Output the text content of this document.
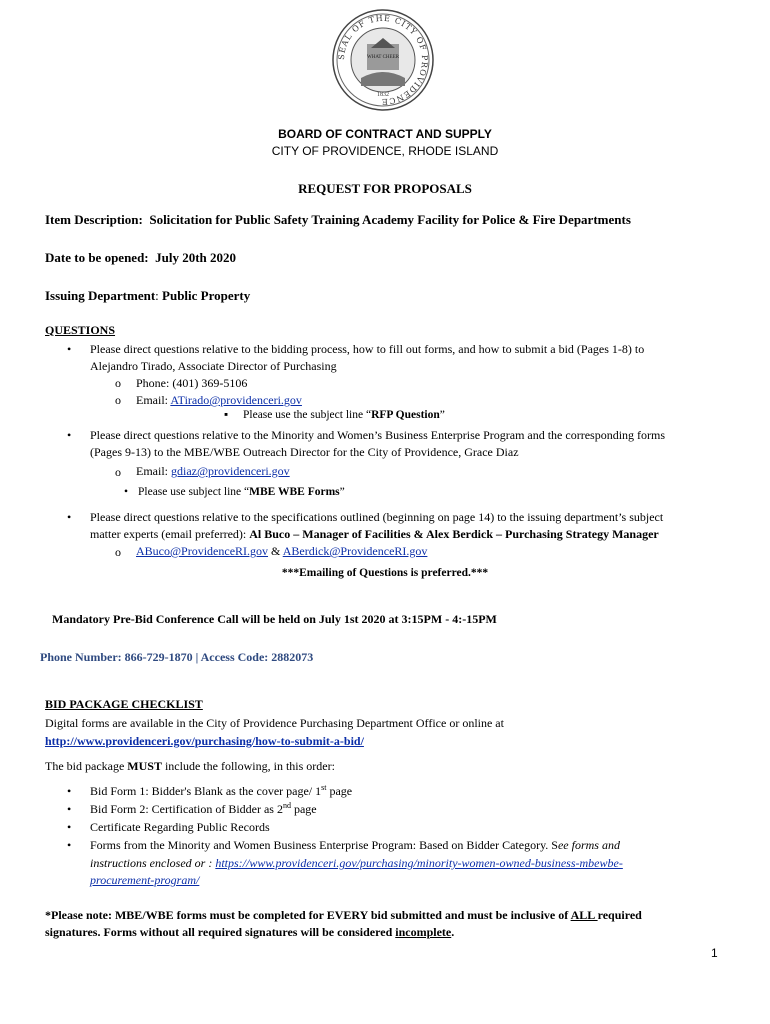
SEAL OF THE CITY OF PROVIDENCE
WHAT CHEER
1832
BOARD OF CONTRACT AND SUPPLY
CITY OF PROVIDENCE, RHODE ISLAND
REQUEST FOR PROPOSALS
Item Description: Solicitation for Public Safety Training Academy Facility for Police & Fire Departments
Date to be opened: July 20th 2020
Issuing Department: Public Property
QUESTIONS
• Please direct questions relative to the bidding process, how to fill out forms, and how to submit a bid (Pages 1-8) to
Alejandro Tirado, Associate Director of Purchasing
o Phone: (401) 369-5106
o Email: ATirado@providenceri.gov
▪ Please use the subject line “RFP Question”
• Please direct questions relative to the Minority and Women’s Business Enterprise Program and the corresponding forms
(Pages 9-13) to the MBE/WBE Outreach Director for the City of Providence, Grace Diaz
o Email: gdiaz@providenceri.gov
• Please use subject line “MBE WBE Forms”
• Please direct questions relative to the specifications outlined (beginning on page 14) to the issuing department’s subject
matter experts (email preferred): Al Buco – Manager of Facilities & Alex Berdick – Purchasing Strategy Manager
o ABuco@ProvidenceRI.gov & ABerdick@ProvidenceRI.gov
***Emailing of Questions is preferred.***
Mandatory Pre-Bid Conference Call will be held on July 1st 2020 at 3:15PM - 4:-15PM
Phone Number: 866-729-1870 | Access Code: 2882073
BID PACKAGE CHECKLIST
Digital forms are available in the City of Providence Purchasing Department Office or online at
http://www.providenceri.gov/purchasing/how-to-submit-a-bid/
The bid package MUST include the following, in this order:
• Bid Form 1: Bidder's Blank as the cover page/ 1st page
• Bid Form 2: Certification of Bidder as 2nd page
• Certificate Regarding Public Records
• Forms from the Minority and Women Business Enterprise Program: Based on Bidder Category. See forms and
instructions enclosed or : https://www.providenceri.gov/purchasing/minority-women-owned-business-mbewbe-
procurement-program/
*Please note: MBE/WBE forms must be completed for EVERY bid submitted and must be inclusive of ALL required
signatures. Forms without all required signatures will be considered incomplete.
1
